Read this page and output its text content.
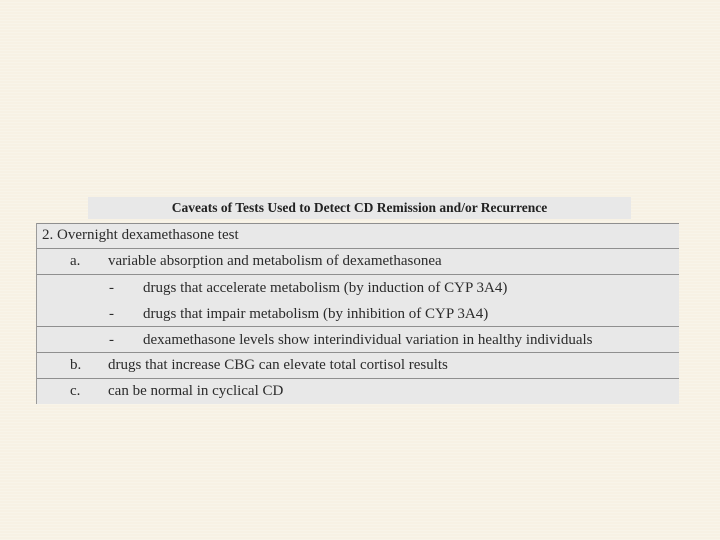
Caveats of Tests Used to Detect CD Remission and/or Recurrence
2. Overnight dexamethasone test
a. variable absorption and metabolism of dexamethasonea
- drugs that accelerate metabolism (by induction of CYP 3A4)
- drugs that impair metabolism (by inhibition of CYP 3A4)
- dexamethasone levels show interindividual variation in healthy individuals
b. drugs that increase CBG can elevate total cortisol results
c. can be normal in cyclical CD
